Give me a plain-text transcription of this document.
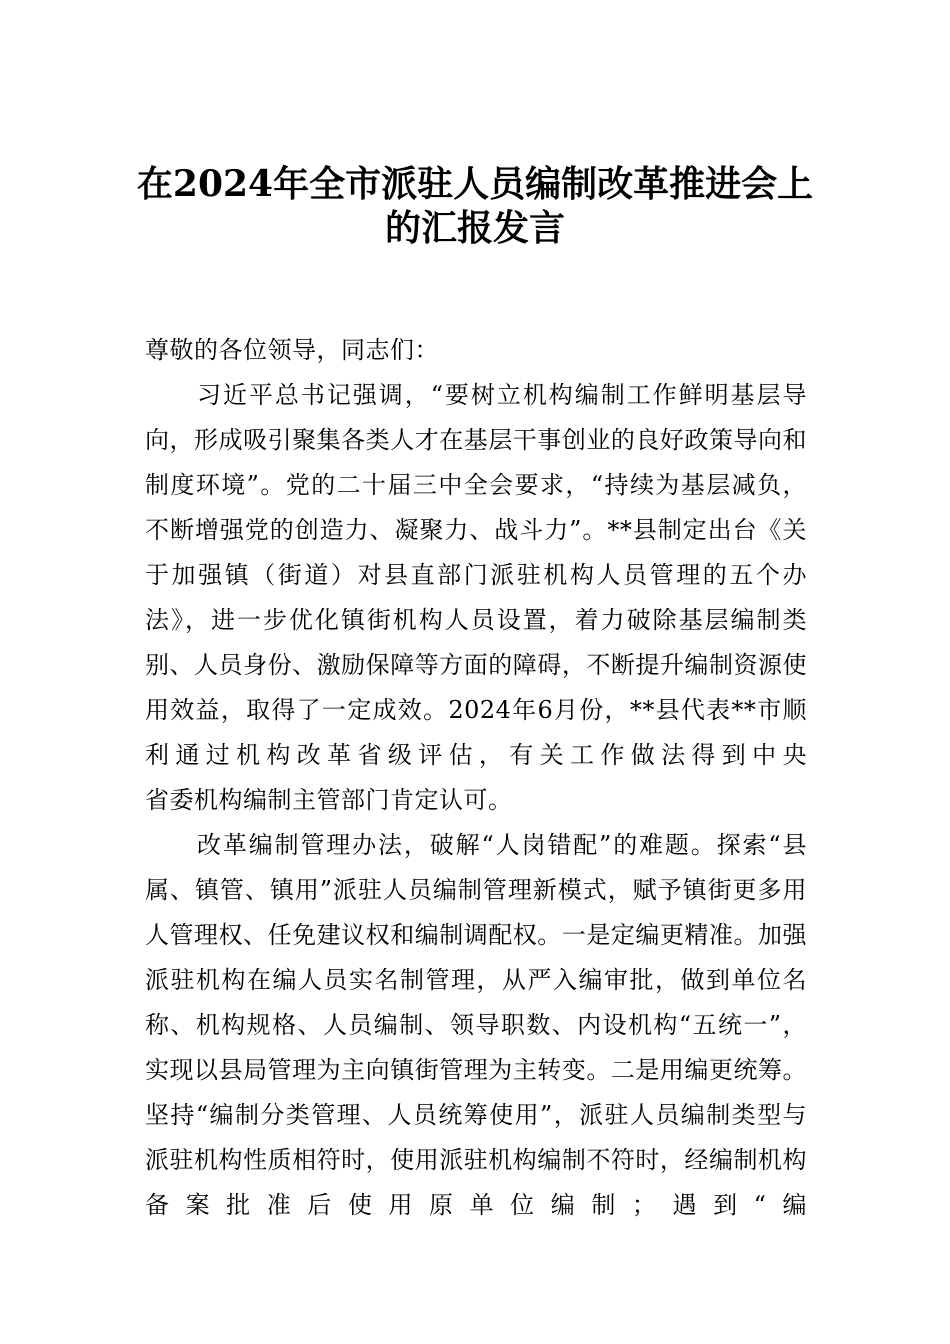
在2024年全市派驻人员编制改革推进会上
的汇报发言

尊敬的各位领导，同志们：

习近平总书记强调，“要树立机构编制工作鲜明基层导向，形成吸引聚集各类人才在基层干事创业的良好政策导向和制度环境”。党的二十届三中全会要求，“持续为基层减负，不断增强党的创造力、凝聚力、战斗力”。**县制定出台《关于加强镇（街道）对县直部门派驻机构人员管理的五个办法》，进一步优化镇街机构人员设置，着力破除基层编制类别、人员身份、激励保障等方面的障碍，不断提升编制资源使用效益，取得了一定成效。2024年6月份，**县代表**市顺利通过机构改革省级评估，有关工作做法得到中央
省委机构编制主管部门肯定认可。

改革编制管理办法，破解“人岗错配”的难题。探索“县属、镇管、镇用”派驻人员编制管理新模式，赋予镇街更多用人管理权、任免建议权和编制调配权。一是定编更精准。加强派驻机构在编人员实名制管理，从严入编审批，做到单位名称、机构规格、人员编制、领导职数、内设机构“五统一”，实现以县局管理为主向镇街管理为主转变。二是用编更统筹。坚持“编制分类管理、人员统筹使用”，派驻人员编制类型与派驻机构性质相符时，使用派驻机构编制不符时，经编制机构备案批准后使用原单位编制；遇到“编
